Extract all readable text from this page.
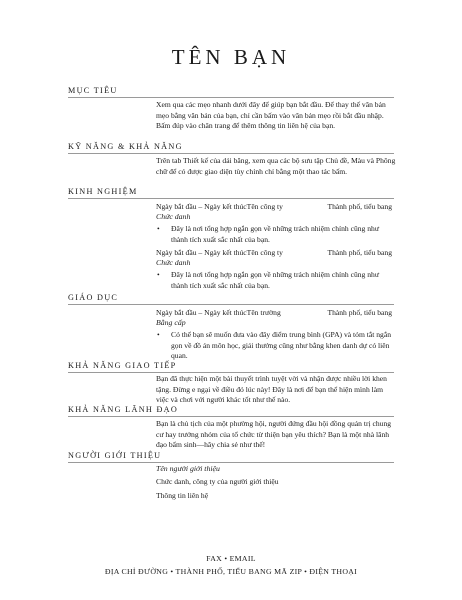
TÊN BẠN
MỤC TIÊU
Xem qua các mẹo nhanh dưới đây để giúp bạn bắt đầu. Để thay thế văn bản mẹo bằng văn bản của bạn, chỉ cần bấm vào văn bản mẹo rồi bắt đầu nhập. Bấm đúp vào chân trang để thêm thông tin liên hệ của bạn.
KỸ NĂNG & KHẢ NĂNG
Trên tab Thiết kế của dải băng, xem qua các bộ sưu tập Chủ đề, Màu và Phông chữ để có được giao diện tùy chỉnh chỉ bằng một thao tác bấm.
KINH NGHIỆM
Ngày bắt đầu – Ngày kết thúcTên công ty	Thành phố, tiểu bang
Chức danh
• Đây là nơi tổng hợp ngắn gọn về những trách nhiệm chính cũng như thành tích xuất sắc nhất của bạn.
Ngày bắt đầu – Ngày kết thúcTên công ty	Thành phố, tiểu bang
Chức danh
• Đây là nơi tổng hợp ngắn gọn về những trách nhiệm chính cũng như thành tích xuất sắc nhất của bạn.
GIÁO DỤC
Ngày bắt đầu – Ngày kết thúcTên trường	Thành phố, tiểu bang
Bằng cấp
• Có thể bạn sẽ muốn đưa vào đây điểm trung bình (GPA) và tóm tắt ngắn gọn về đồ án môn học, giải thưởng cũng như bằng khen danh dự có liên quan.
KHẢ NĂNG GIAO TIẾP
Bạn đã thực hiện một bài thuyết trình tuyệt vời và nhận được nhiều lời khen tặng. Đừng e ngại về điều đó lúc này! Đây là nơi để bạn thể hiện mình làm việc và chơi với người khác tốt như thế nào.
KHẢ NĂNG LÃNH ĐẠO
Bạn là chủ tịch của một phường hội, người đứng đầu hội đồng quản trị chung cư hay trưởng nhóm của tổ chức từ thiện bạn yêu thích? Bạn là một nhà lãnh đạo bẩm sinh—hãy chia sẻ như thế!
NGƯỜI GIỚI THIỆU
Tên người giới thiệu
Chức danh, công ty của người giới thiệu
Thông tin liên hệ
FAX • EMAIL
ĐỊA CHỈ ĐƯỜNG • THÀNH PHỐ, TIỂU BANG MÃ ZIP • ĐIỆN THOẠI
